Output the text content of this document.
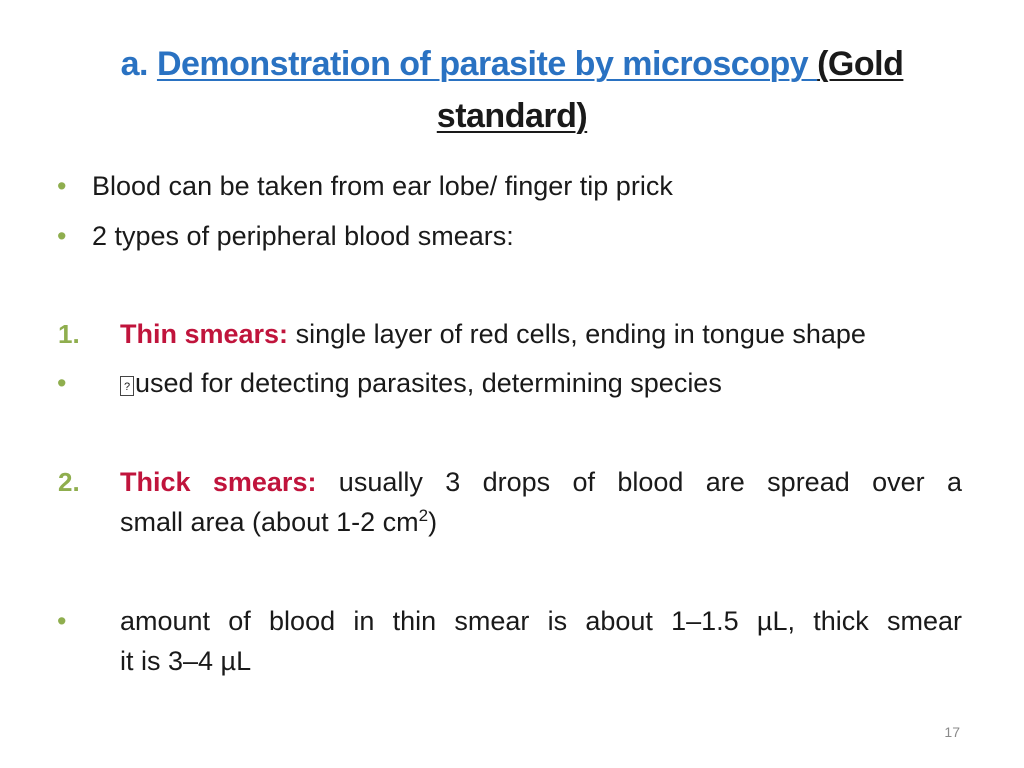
a. Demonstration of parasite by microscopy (Gold
standard)
• Blood can be taken from ear lobe/ finger tip prick
• 2 types of peripheral blood smears:
1. Thin smears: single layer of red cells, ending in tongue shape
•	? used for detecting parasites, determining species
2. Thick smears: usually 3 drops of blood are spread over a
small area (about 1-2 $cm^2$)
• amount of blood in thin smear is about 1–1.5 µL, thick smear
it is 3–4 µL
17
